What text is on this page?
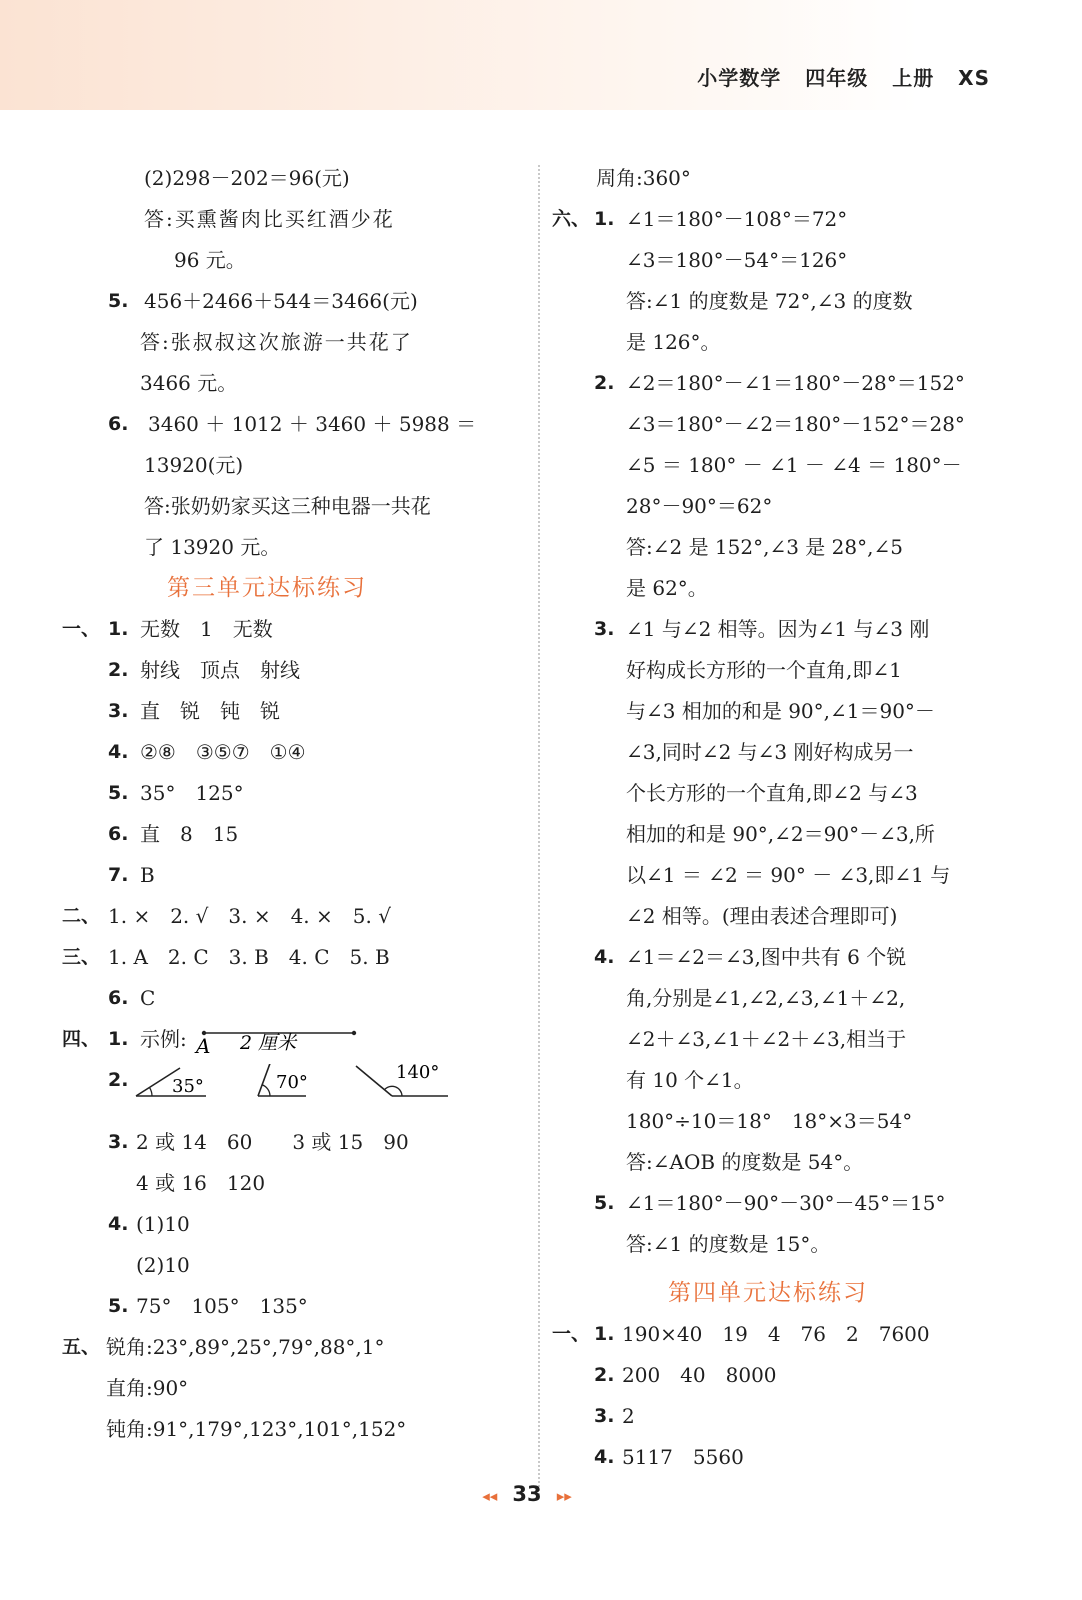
小学数学 四年级 上册 XS
(2)298－202＝96(元)
答:买熏酱肉比买红酒少花
96 元。
5. 456＋2466＋544＝3466(元)
答:张叔叔这次旅游一共花了
3466 元。
6. 3460 ＋ 1012 ＋ 3460 ＋ 5988 ＝
13920(元)
答:张奶奶家买这三种电器一共花
了 13920 元。
第三单元达标练习
一、 1. 无数　1　无数
2. 射线　顶点　射线
3. 直　锐　钝　锐
4. ②⑧　③⑤⑦　①④
5. 35°　125°
6. 直　8　15
7. B
二、 1. ×　2. √　3. ×　4. ×　5. √
三、 1. A　2. C　3. B　4. C　5. B
6. C
四、 1. 示例: A 2 厘米
2. 35°	70°	140°
3. 2 或 14　60　　3 或 15　90
4 或 16　120
4. (1)10
(2)10
5. 75°　105°　135°
五、 锐角:23°,89°,25°,79°,88°,1°
直角:90°
钝角:91°,179°,123°,101°,152°
周角:360°
六、 1. ∠1＝180°－108°＝72°
∠3＝180°－54°＝126°
答:∠1 的度数是 72°,∠3 的度数
是 126°。
2. ∠2＝180°－∠1＝180°－28°＝152°
∠3＝180°－∠2＝180°－152°＝28°
∠5 ＝ 180° － ∠1 － ∠4 ＝ 180°－
28°－90°＝62°
答:∠2 是 152°,∠3 是 28°,∠5
是 62°。
3. ∠1 与∠2 相等。因为∠1 与∠3 刚
好构成长方形的一个直角,即∠1
与∠3 相加的和是 90°,∠1＝90°－
∠3,同时∠2 与∠3 刚好构成另一
个长方形的一个直角,即∠2 与∠3
相加的和是 90°,∠2＝90°－∠3,所
以∠1 ＝ ∠2 ＝ 90° － ∠3,即∠1 与
∠2 相等。(理由表述合理即可)
4. ∠1＝∠2＝∠3,图中共有 6 个锐
角,分别是∠1,∠2,∠3,∠1＋∠2,
∠2＋∠3,∠1＋∠2＋∠3,相当于
有 10 个∠1。
180°÷10＝18°　18°×3＝54°
答:∠AOB 的度数是 54°。
5. ∠1＝180°－90°－30°－45°＝15°
答:∠1 的度数是 15°。
第四单元达标练习
一、 1. 190×40　19　4　76　2　7600
2. 200　40　8000
3. 2
4. 5117　5560
◂◂ 33 ▸▸
